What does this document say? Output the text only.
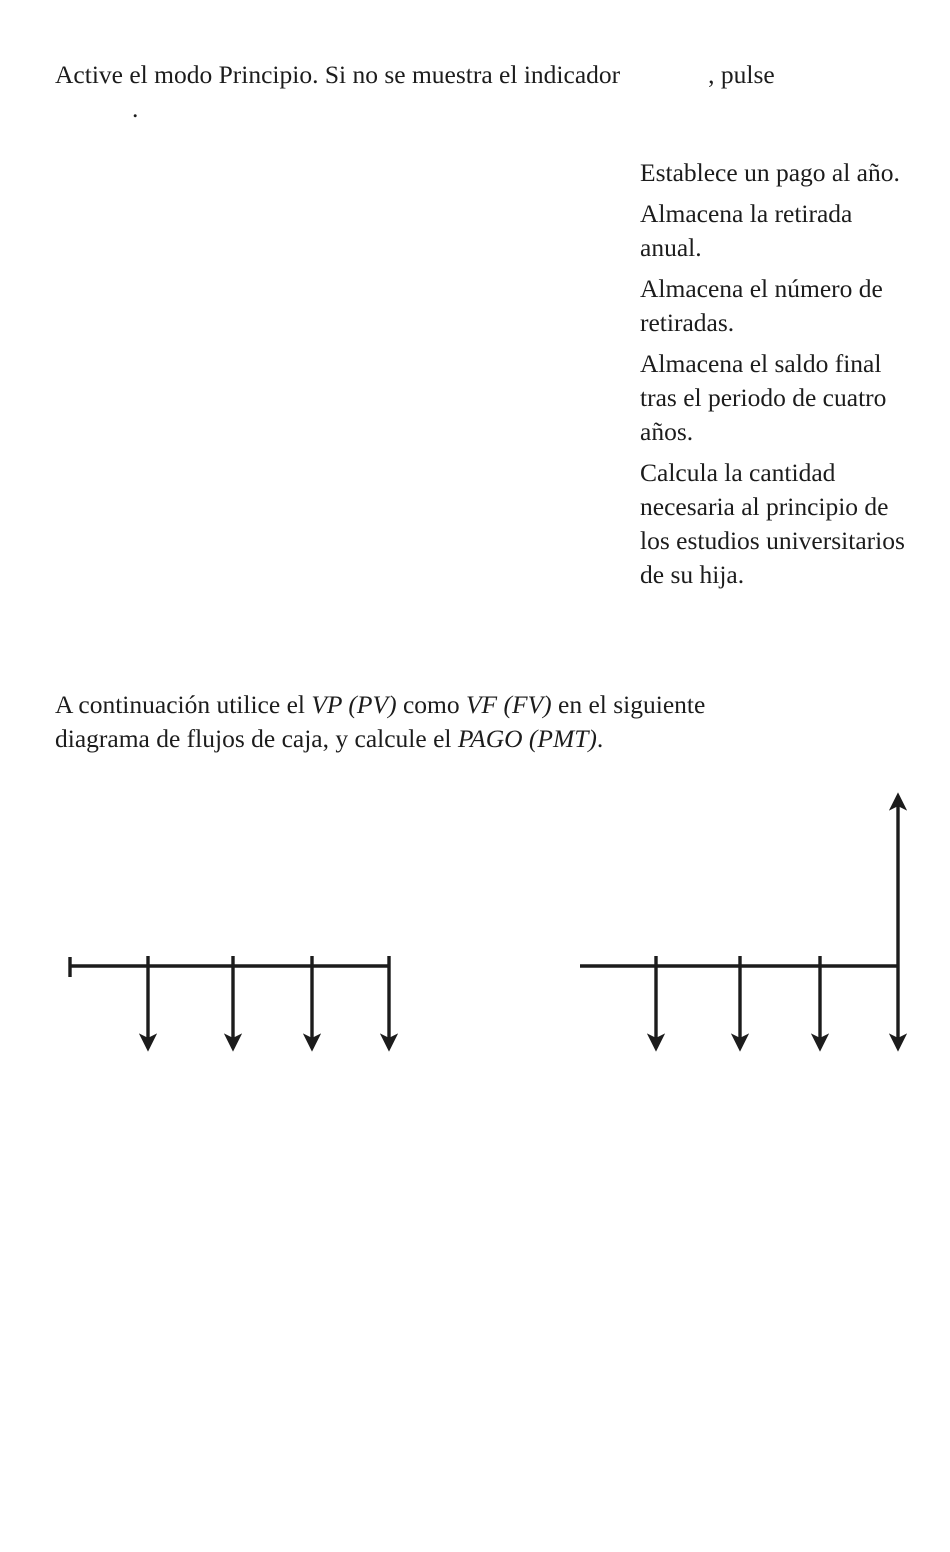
Active el modo Principio. Si no se muestra el indicador	, pulse
.

Establece un pago al año.
Almacena la retirada anual.
Almacena el número de retiradas.
Almacena el saldo final tras el periodo de cuatro años.
Calcula la cantidad necesaria al principio de los estudios universitarios de su hija.

A continuación utilice el VP (PV) como VF (FV) en el siguiente
diagrama de flujos de caja, y calcule el PAGO (PMT).
